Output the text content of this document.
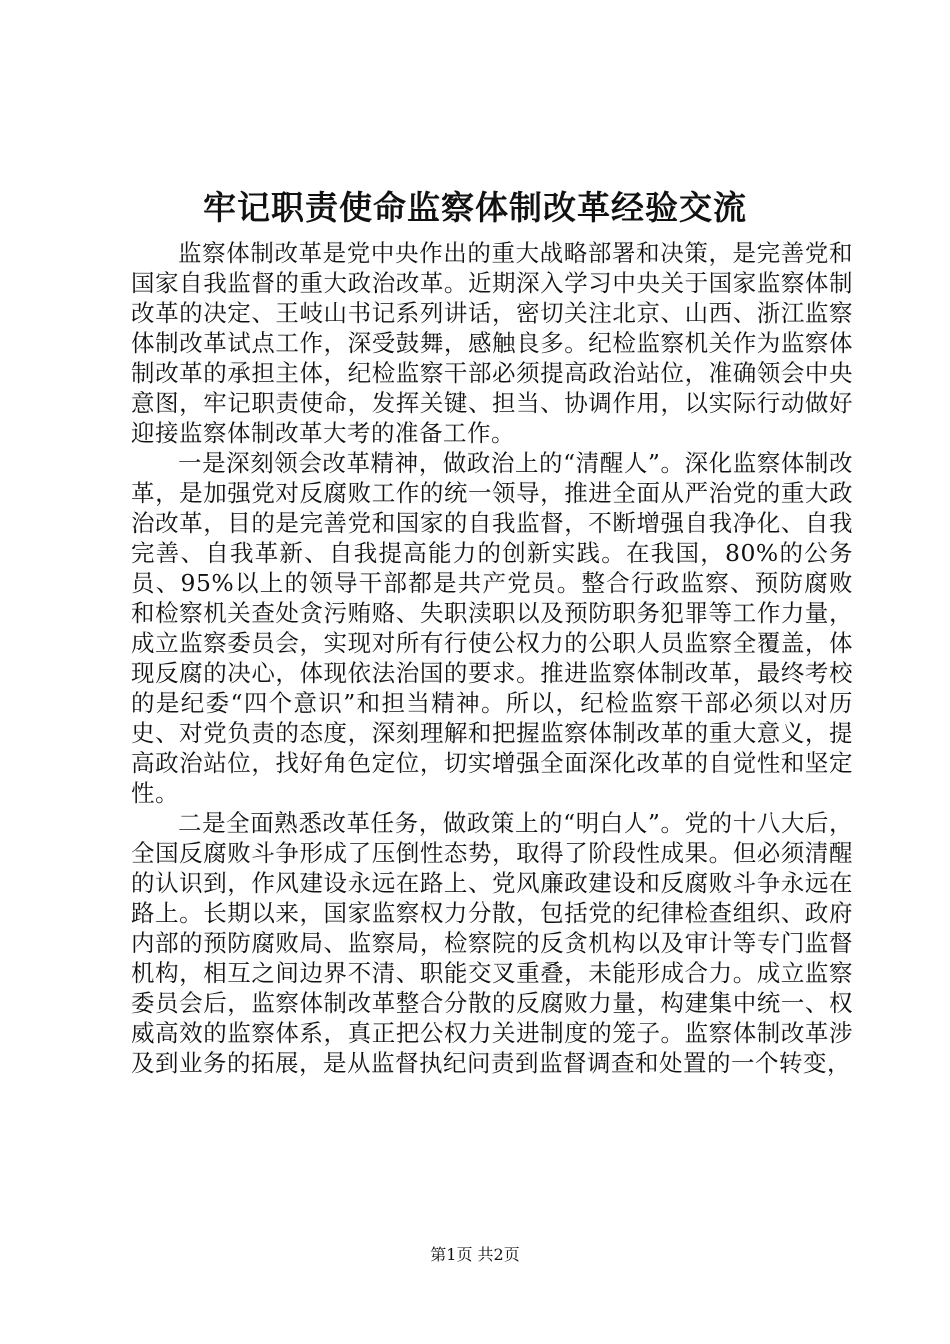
牢记职责使命监察体制改革经验交流

监察体制改革是党中央作出的重大战略部署和决策，是完善党和国家自我监督的重大政治改革。近期深入学习中央关于国家监察体制改革的决定、王岐山书记系列讲话，密切关注北京、山西、浙江监察体制改革试点工作，深受鼓舞，感触良多。纪检监察机关作为监察体制改革的承担主体，纪检监察干部必须提高政治站位，准确领会中央意图，牢记职责使命，发挥关键、担当、协调作用，以实际行动做好迎接监察体制改革大考的准备工作。

一是深刻领会改革精神，做政治上的“清醒人”。深化监察体制改革，是加强党对反腐败工作的统一领导，推进全面从严治党的重大政治改革，目的是完善党和国家的自我监督，不断增强自我净化、自我完善、自我革新、自我提高能力的创新实践。在我国，80%的公务员、95%以上的领导干部都是共产党员。整合行政监察、预防腐败和检察机关查处贪污贿赂、失职渎职以及预防职务犯罪等工作力量，成立监察委员会，实现对所有行使公权力的公职人员监察全覆盖，体现反腐的决心，体现依法治国的要求。推进监察体制改革，最终考校的是纪委“四个意识”和担当精神。所以，纪检监察干部必须以对历史、对党负责的态度，深刻理解和把握监察体制改革的重大意义，提高政治站位，找好角色定位，切实增强全面深化改革的自觉性和坚定性。

二是全面熟悉改革任务，做政策上的“明白人”。党的十八大后，全国反腐败斗争形成了压倒性态势，取得了阶段性成果。但必须清醒的认识到，作风建设永远在路上、党风廉政建设和反腐败斗争永远在路上。长期以来，国家监察权力分散，包括党的纪律检查组织、政府内部的预防腐败局、监察局，检察院的反贪机构以及审计等专门监督机构，相互之间边界不清、职能交叉重叠，未能形成合力。成立监察委员会后，监察体制改革整合分散的反腐败力量，构建集中统一、权威高效的监察体系，真正把公权力关进制度的笼子。监察体制改革涉及到业务的拓展，是从监督执纪问责到监督调查和处置的一个转变，

第1页 共2页
